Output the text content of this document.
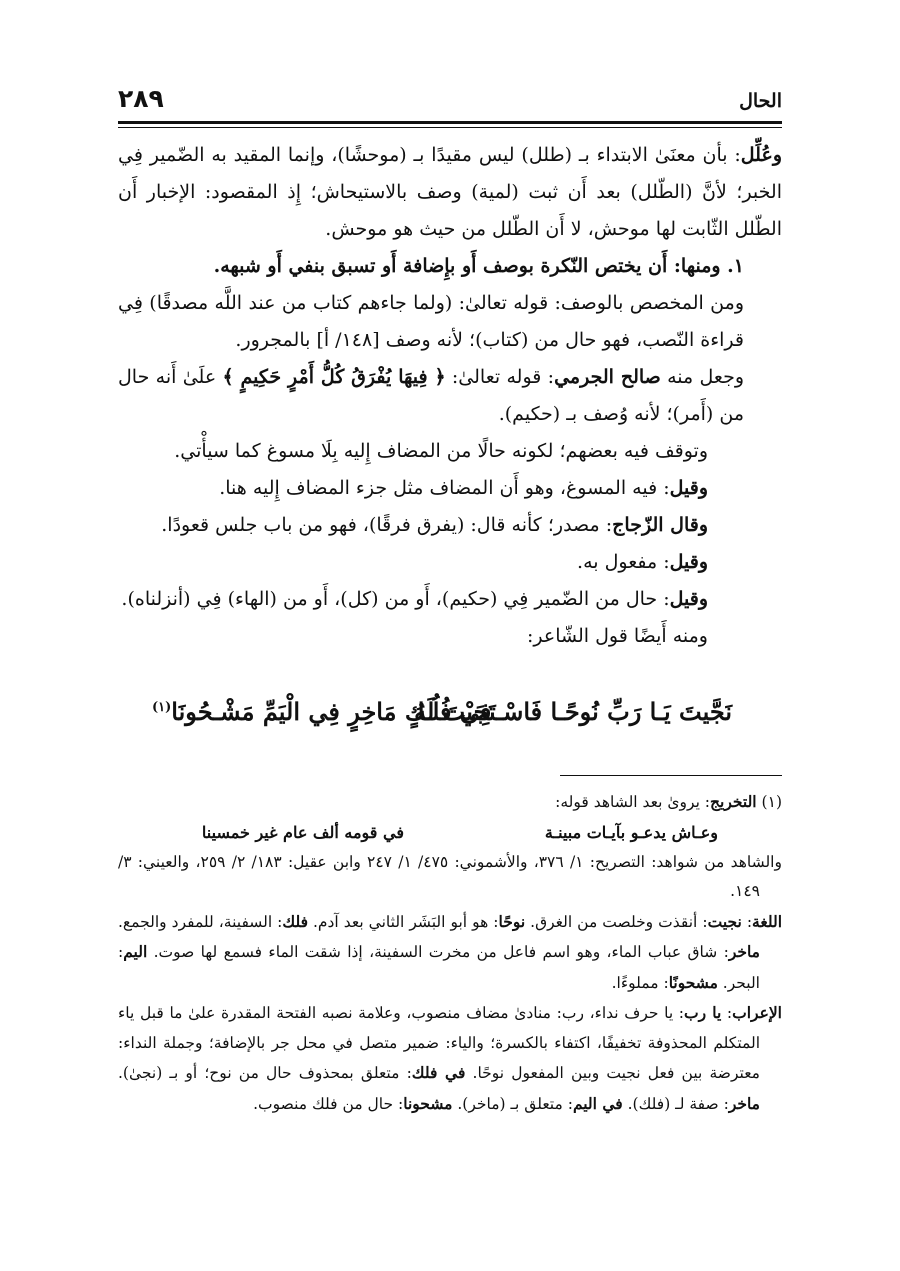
الحال
٢٨٩

وعُلِّل: بأن معنَىٰ الابتداء بـ (طلل) ليس مقيدًا بـ (موحشًا)، وإنما المقيد به الضّمير فِي الخبر؛ لأنَّ (الطّلل) بعد أَن ثبت (لمية) وصف بالاستيحاش؛ إِذ المقصود: الإخبار أَن الطّلل الثّابت لها موحش، لا أَن الطّلل من حيث هو موحش.

١. ومنها: أَن يختص النّكرة بوصف أَو بإِضافة أَو تسبق بنفي أَو شبهه.

ومن المخصص بالوصف: قوله تعالىٰ: (ولما جاءهم كتاب من عند اللَّه مصدقًا) فِي قراءة النّصب، فهو حال من (كتاب)؛ لأنه وصف [١٤٨/ أ] بالمجرور.

وجعل منه صالح الجرمي: قوله تعالىٰ: ﴿ فِيهَا يُفْرَقُ كُلُّ أَمْرٍ حَكِيمٍ ﴾ علَىٰ أَنه حال من (أَمر)؛ لأنه وُصف بـ (حكيم).

وتوقف فيه بعضهم؛ لكونه حالًا من المضاف إِليه بِلَا مسوغ كما سيأْتي.

وقيل: فيه المسوغ، وهو أَن المضاف مثل جزء المضاف إِليه هنا.

وقال الزّجاج: مصدر؛ كأنه قال: (يفرق فرقًا)، فهو من باب جلس قعودًا.

وقيل: مفعول به.

وقيل: حال من الضّمير فِي (حكيم)، أَو من (كل)، أَو من (الهاء) فِي (أنزلناه).

ومنه أَيضًا قول الشّاعر:

نَجَّيتَ يَـا رَبِّ نُوحًـا فَاسْـتَجَبْتَ لَهُ
فِي فُلُـكٍ مَاخِرٍ فِي الْيَمِّ مَشْـحُونَا$^{(١)}$

(١) التخريج: يروىٰ بعد الشاهد قوله:

وعـاش يدعـو بآيـات مبينـة
في قومه ألف عام غير خمسينا

والشاهد من شواهد: التصريح: ١/ ٣٧٦، والأشموني: ٤٧٥/ ١/ ٢٤٧ وابن عقيل: ١٨٣/ ٢/ ٢٥٩، والعيني: ٣/ ١٤٩.

اللغة: نجيت: أنقذت وخلصت من الغرق. نوحًا: هو أبو البَشَر الثاني بعد آدم. فلك: السفينة، للمفرد والجمع. ماخر: شاق عباب الماء، وهو اسم فاعل من مخرت السفينة، إذا شقت الماء فسمع لها صوت. اليم: البحر. مشحونًا: مملوءًا.

الإعراب: يا رب: يا حرف نداء، رب: منادىٰ مضاف منصوب، وعلامة نصبه الفتحة المقدرة علىٰ ما قبل ياء المتكلم المحذوفة تخفيفًا، اكتفاء بالكسرة؛ والياء: ضمير متصل في محل جر بالإضافة؛ وجملة النداء: معترضة بين فعل نجيت وبين المفعول نوحًا. في فلك: متعلق بمحذوف حال من نوح؛ أو بـ (نجىٰ). ماخر: صفة لـ (فلك). في اليم: متعلق بـ (ماخر). مشحونا: حال من فلك منصوب.
